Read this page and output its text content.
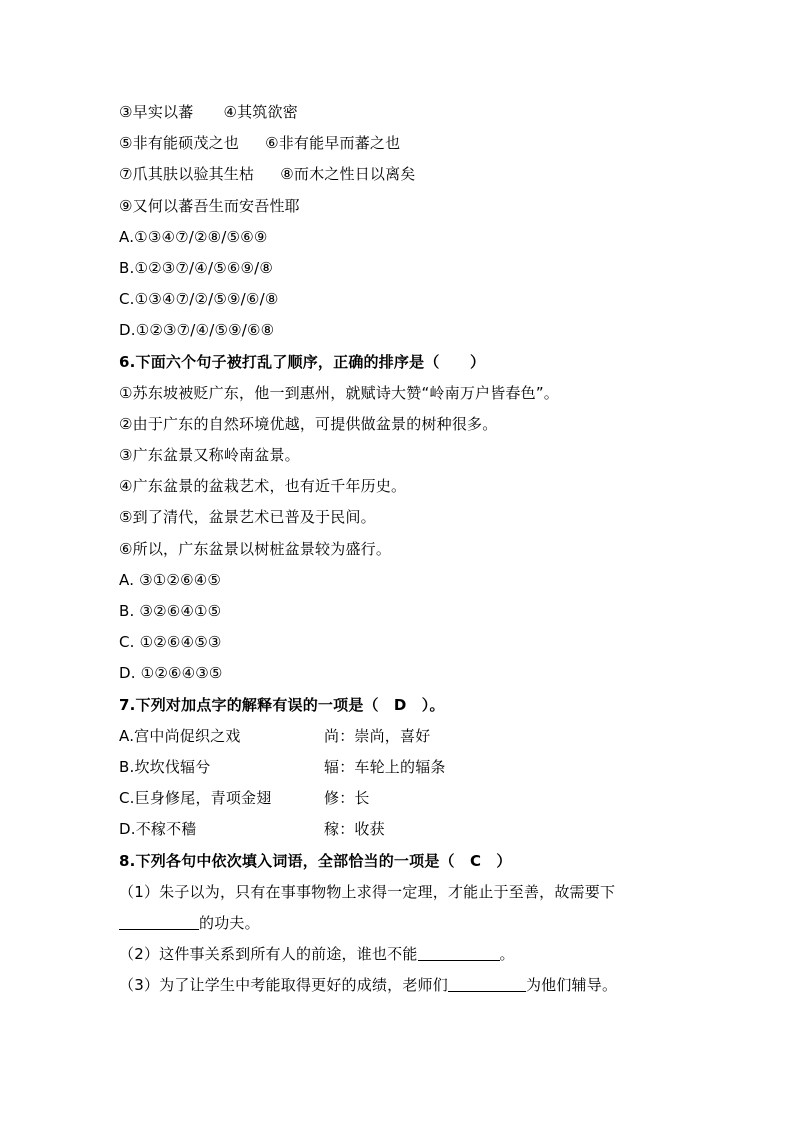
③早实以蕃 ④其筑欲密
⑤非有能硕茂之也 ⑥非有能早而蕃之也
⑦爪其肤以验其生枯 ⑧而木之性日以离矣
⑨又何以蕃吾生而安吾性耶
A.①③④⑦/②⑧/⑤⑥⑨
B.①②③⑦/④/⑤⑥⑨/⑧
C.①③④⑦/②/⑤⑨/⑥/⑧
D.①②③⑦/④/⑤⑨/⑥⑧
6.下面六个句子被打乱了顺序，正确的排序是（　　）
①苏东坡被贬广东，他一到惠州，就赋诗大赞“岭南万户皆春色”。
②由于广东的自然环境优越，可提供做盆景的树种很多。
③广东盆景又称岭南盆景。
④广东盆景的盆栽艺术，也有近千年历史。
⑤到了清代，盆景艺术已普及于民间。
⑥所以，广东盆景以树桩盆景较为盛行。
A. ③①②⑥④⑤
B. ③②⑥④①⑤
C. ①②⑥④⑤③
D. ①②⑥④③⑤
7.下列对加点字的解释有误的一项是（　D　）。
A.宫中尚促织之戏	尚：崇尚，喜好
B.坎坎伐辐兮	辐：车轮上的辐条
C.巨身修尾，青项金翅	修：长
D.不稼不穑	稼：收获
8.下列各句中依次填入词语，全部恰当的一项是（　C　）
（1）朱子以为，只有在事事物物上求得一定理，才能止于至善，故需要下
的功夫。
（2）这件事关系到所有人的前途，谁也不能	。
（3）为了让学生中考能取得更好的成绩，老师们	为他们辅导。
